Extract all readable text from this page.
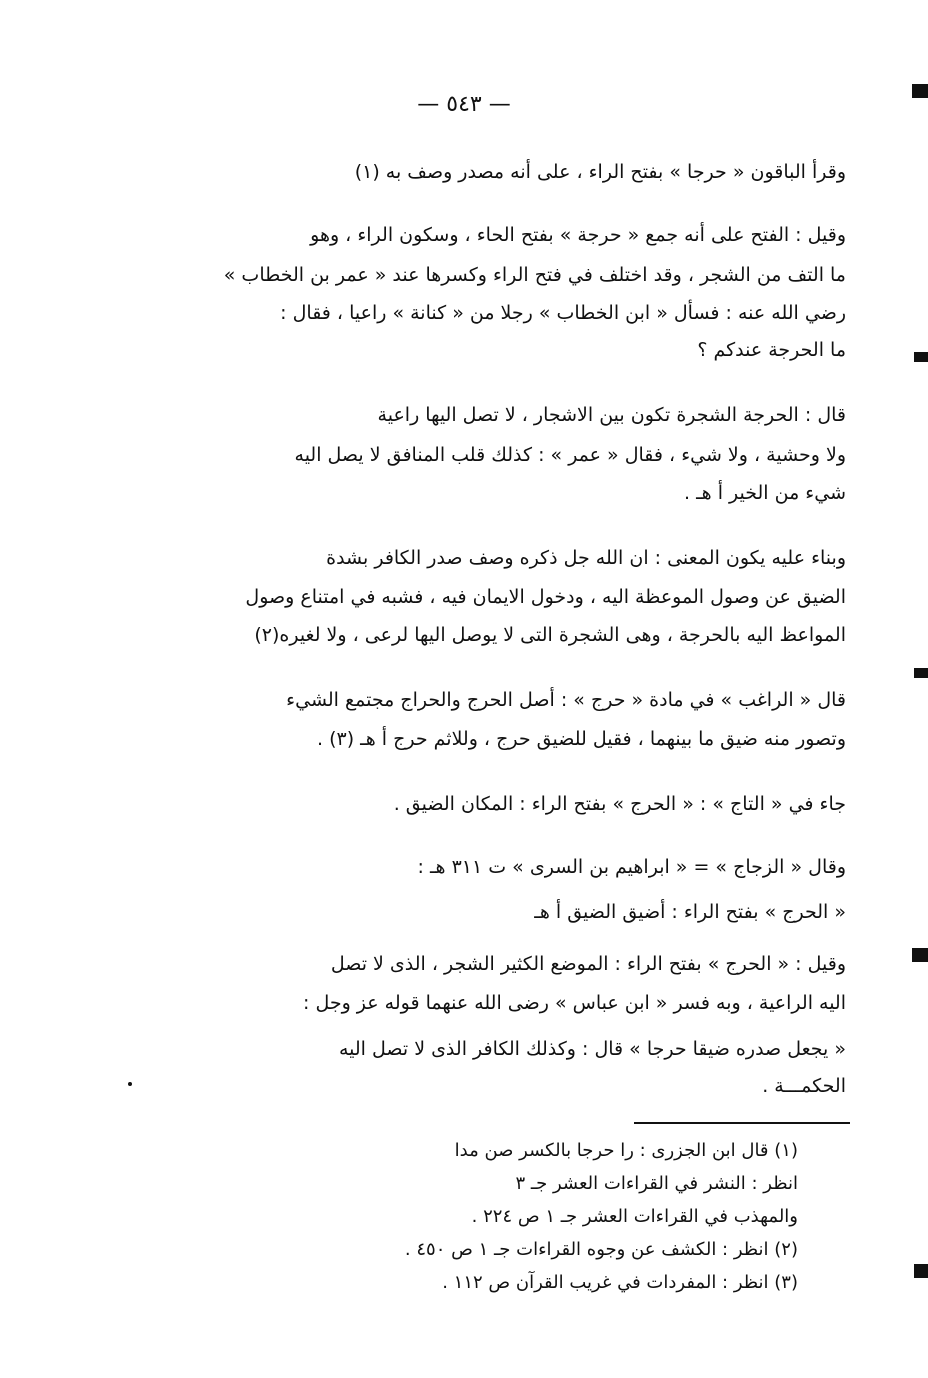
— ٥٤٣ —
وقرأ الباقون « حرجا » بفتح الراء ، على أنه مصدر وصف به (١)
وقيل : الفتح على أنه جمع « حرجة » بفتح الحاء ، وسكون الراء ، وهو
ما التف من الشجر ، وقد اختلف في فتح الراء وكسرها عند « عمر بن الخطاب »
رضي الله عنه : فسأل « ابن الخطاب » رجلا من « كنانة » راعيا ، فقال :
ما الحرجة عندكم ؟
قال : الحرجة الشجرة تكون بين الاشجار ، لا تصل اليها راعية
ولا وحشية ، ولا شيء ، فقال « عمر » : كذلك قلب المنافق لا يصل اليه
شيء من الخير أ هـ .
وبناء عليه يكون المعنى : ان الله جل ذكره وصف صدر الكافر بشدة
الضيق عن وصول الموعظة اليه ، ودخول الايمان فيه ، فشبه في امتناع وصول
المواعظ اليه بالحرجة ، وهى الشجرة التى لا يوصل اليها لرعى ، ولا لغيره(٢)
قال « الراغب » في مادة « حرج » : أصل الحرج والحراج مجتمع الشيء
وتصور منه ضيق ما بينهما ، فقيل للضيق حرج ، وللاثم حرج أ هـ (٣) .
جاء في « التاج » : « الحرج » بفتح الراء : المكان الضيق .
وقال « الزجاج » = « ابراهيم بن السرى » ت ٣١١ هـ :
« الحرج » بفتح الراء : أضيق الضيق أ هـ
وقيل : « الحرج » بفتح الراء : الموضع الكثير الشجر ، الذى لا تصل
اليه الراعية ، وبه فسر « ابن عباس » رضى الله عنهما قوله عز وجل :
« يجعل صدره ضيقا حرجا » قال : وكذلك الكافر الذى لا تصل اليه
الحكمـــة .
(١) قال ابن الجزرى : را حرجا بالكسر صن مدا
انظر : النشر في القراءات العشر جـ ٣
والمهذب في القراءات العشر جـ ١ ص ٢٢٤ .
(٢) انظر : الكشف عن وجوه القراءات جـ ١ ص ٤٥٠ .
(٣) انظر : المفردات في غريب القرآن ص ١١٢ .
